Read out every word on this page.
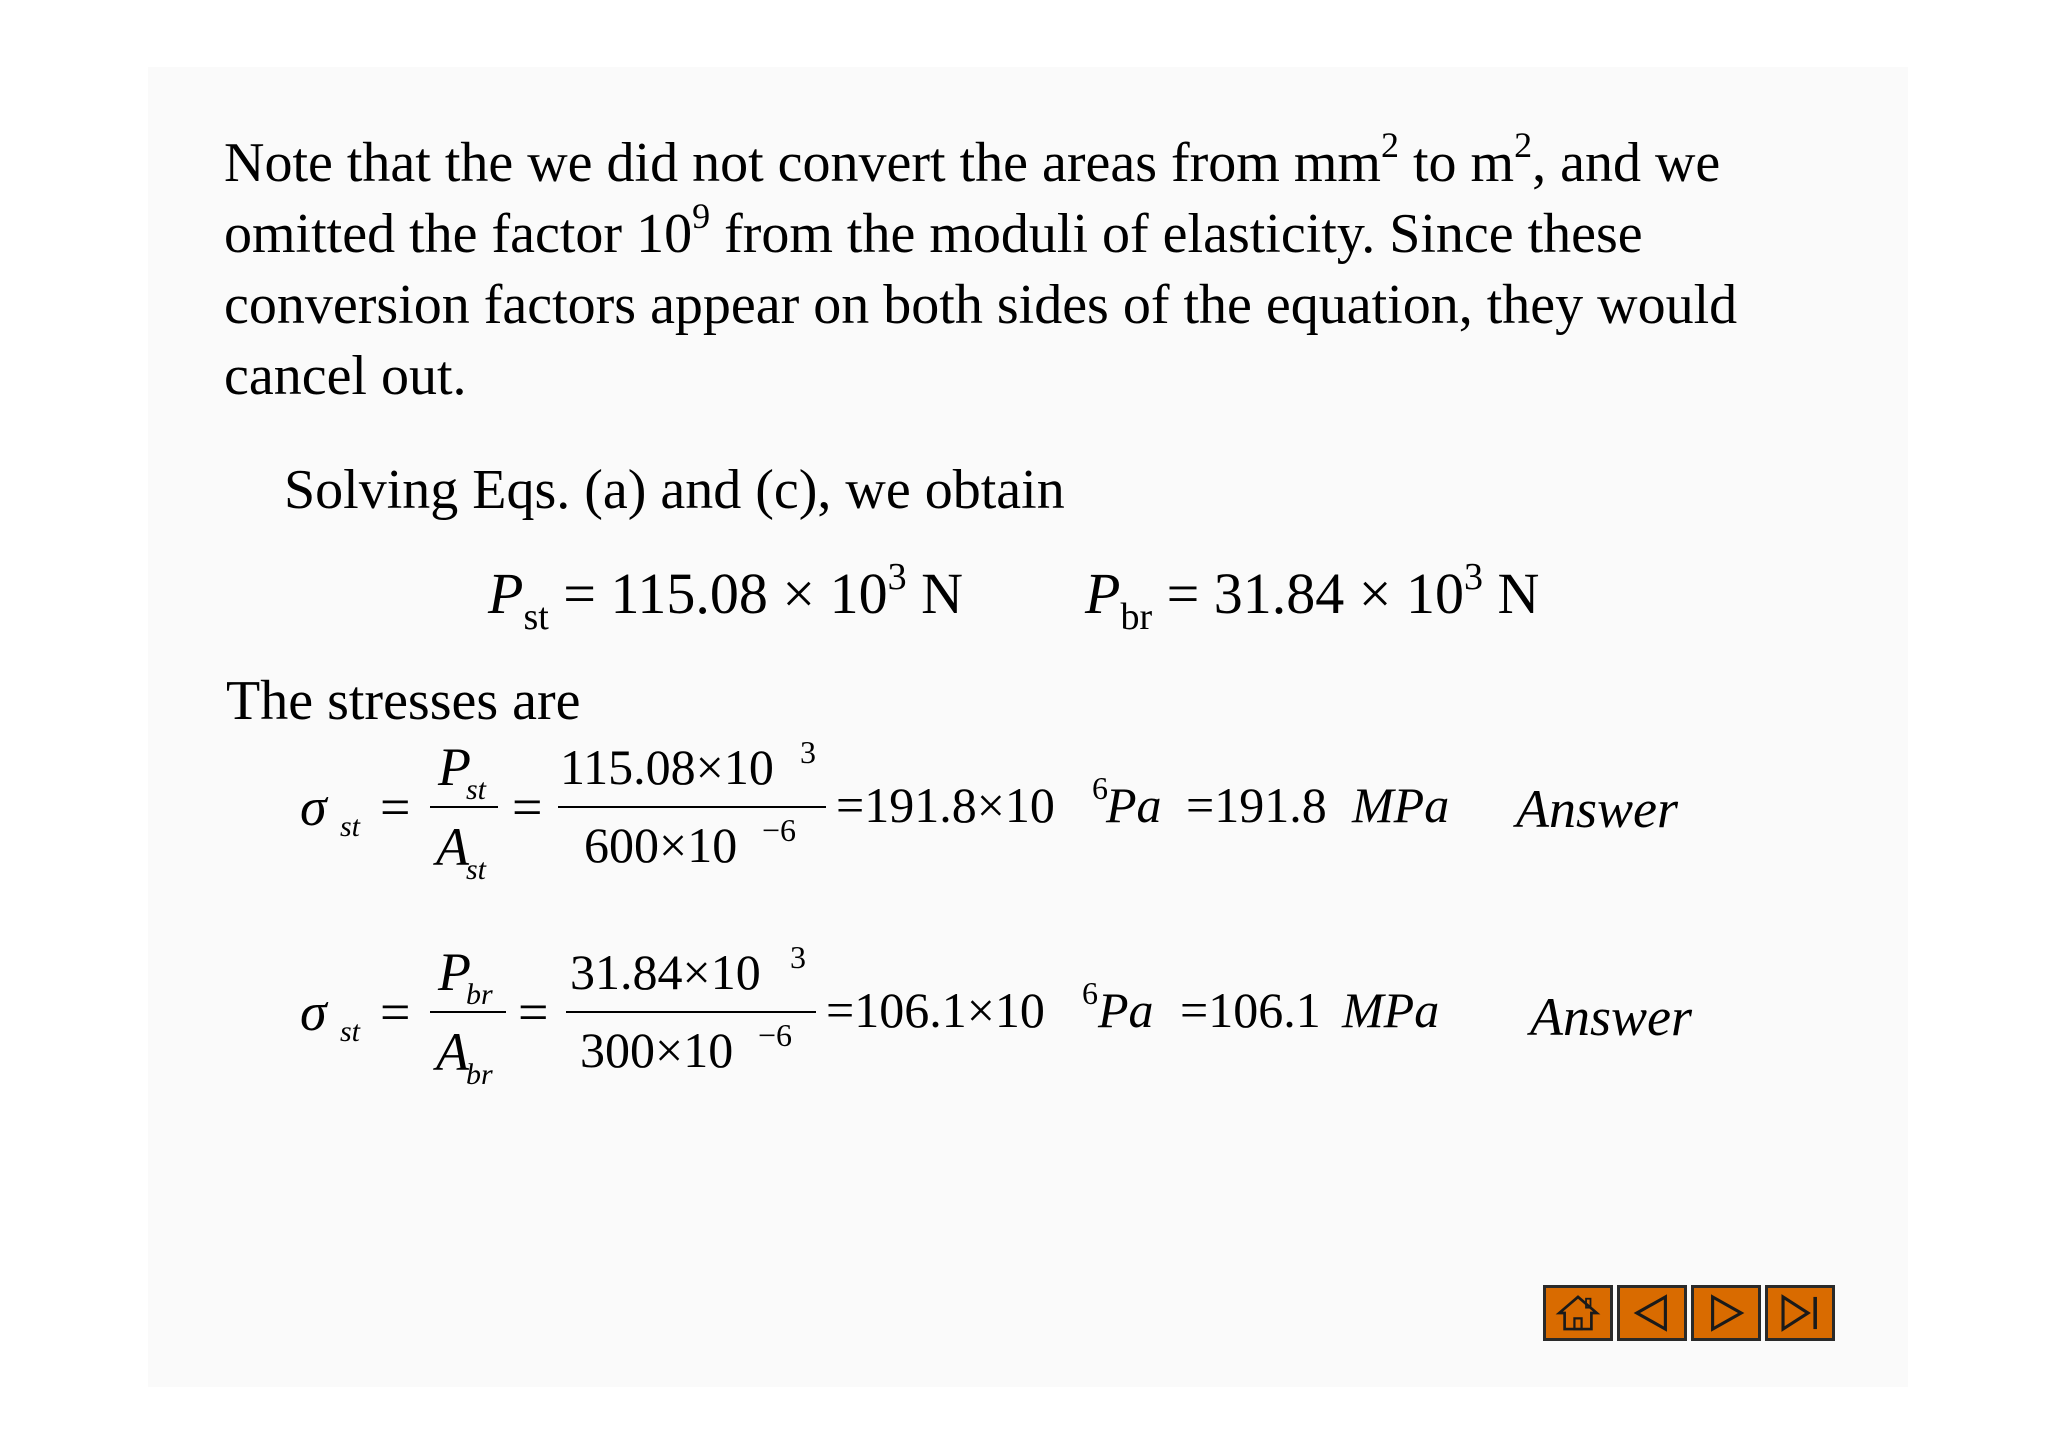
Note that the we did not convert the areas from $mm^2$ to $m^2$, and we
omitted the factor $10^9$ from the moduli of elasticity. Since these
conversion factors appear on both sides of the equation, they would
cancel out.
Solving Eqs. (a) and (c), we obtain
$P_{st} = 115.08 \times 10^3$ N $P_{br} = 31.84 \times 10^3$ N
The stresses are
σ st =
P
st
A
st
=
115.08×10 3
600×10 −6 =191.8×10 6
Pa =191.8 MPa Answer
σ st =
P
br
A
br
=
31.84×10 3
300×10 −6 =106.1×10 6 Pa =106.1 MPa Answer
